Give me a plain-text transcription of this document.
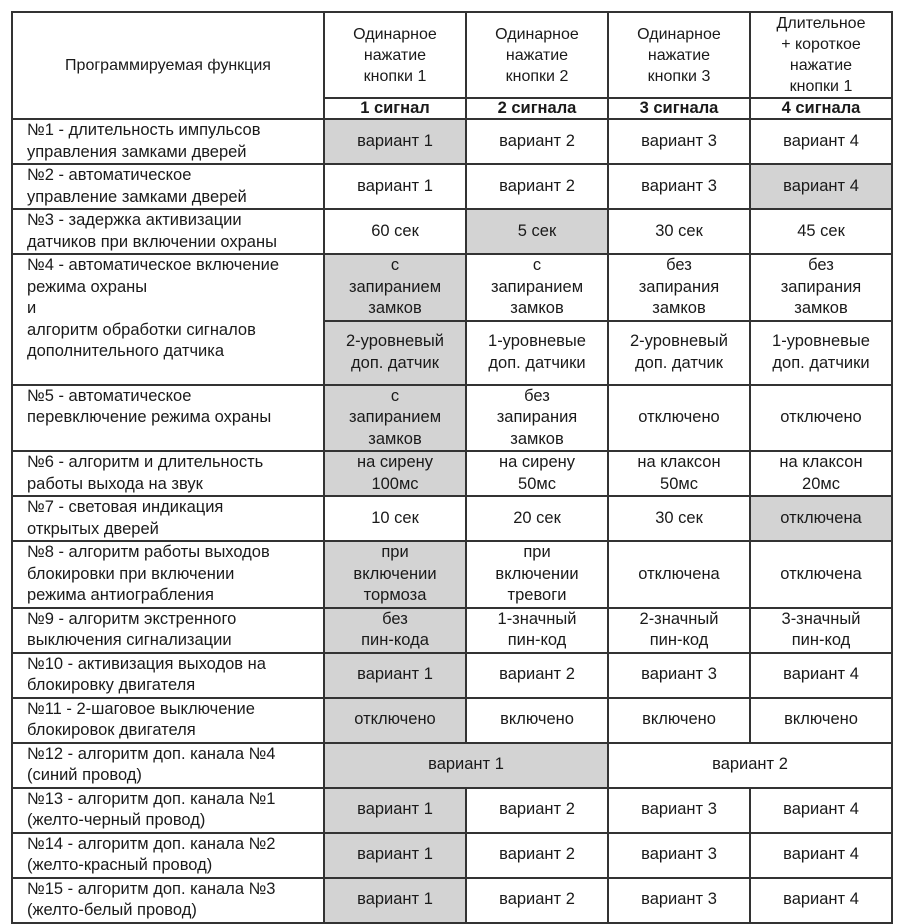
Программируемая функция	Одинарное
нажатие
кнопки 1	Одинарное
нажатие
кнопки 2	Одинарное
нажатие
кнопки 3	Длительное
+ короткое
нажатие
кнопки 1
	1 сигнал	2 сигнала	3 сигнала	4 сигнала
№1 - длительность импульсов
управления замками дверей	вариант 1	вариант 2	вариант 3	вариант 4
№2 - автоматическое
управление замками дверей	вариант 1	вариант 2	вариант 3	вариант 4
№3 - задержка активизации
датчиков при включении охраны	60 сек	5 сек	30 сек	45 сек
№4 - автоматическое включение
режима охраны
и
алгоритм обработки сигналов
дополнительного датчика	с
запиранием
замков	с
запиранием
замков	без
запирания
замков	без
запирания
замков
	2-уровневый
доп. датчик	1-уровневые
доп. датчики	2-уровневый
доп. датчик	1-уровневые
доп. датчики
№5 - автоматическое
перевключение режима охраны	с
запиранием
замков	без
запирания
замков	отключено	отключено
№6 - алгоритм и длительность
работы выхода на звук	на сирену
100мс	на сирену
50мс	на клаксон
50мс	на клаксон
20мс
№7 - световая индикация
открытых дверей	10 сек	20 сек	30 сек	отключена
№8 - алгоритм работы выходов
блокировки при включении
режима антиограбления	при
включении
тормоза	при
включении
тревоги	отключена	отключена
№9 - алгоритм экстренного
выключения сигнализации	без
пин-кода	1-значный
пин-код	2-значный
пин-код	3-значный
пин-код
№10 - активизация выходов на
блокировку двигателя	вариант 1	вариант 2	вариант 3	вариант 4
№11 - 2-шаговое выключение
блокировок двигателя	отключено	включено	включено	включено
№12 - алгоритм доп. канала №4
(синий провод)	вариант 1		вариант 2	
№13 - алгоритм доп. канала №1
(желто-черный провод)	вариант 1	вариант 2	вариант 3	вариант 4
№14 - алгоритм доп. канала №2
(желто-красный провод)	вариант 1	вариант 2	вариант 3	вариант 4
№15 - алгоритм доп. канала №3
(желто-белый провод)	вариант 1	вариант 2	вариант 3	вариант 4
